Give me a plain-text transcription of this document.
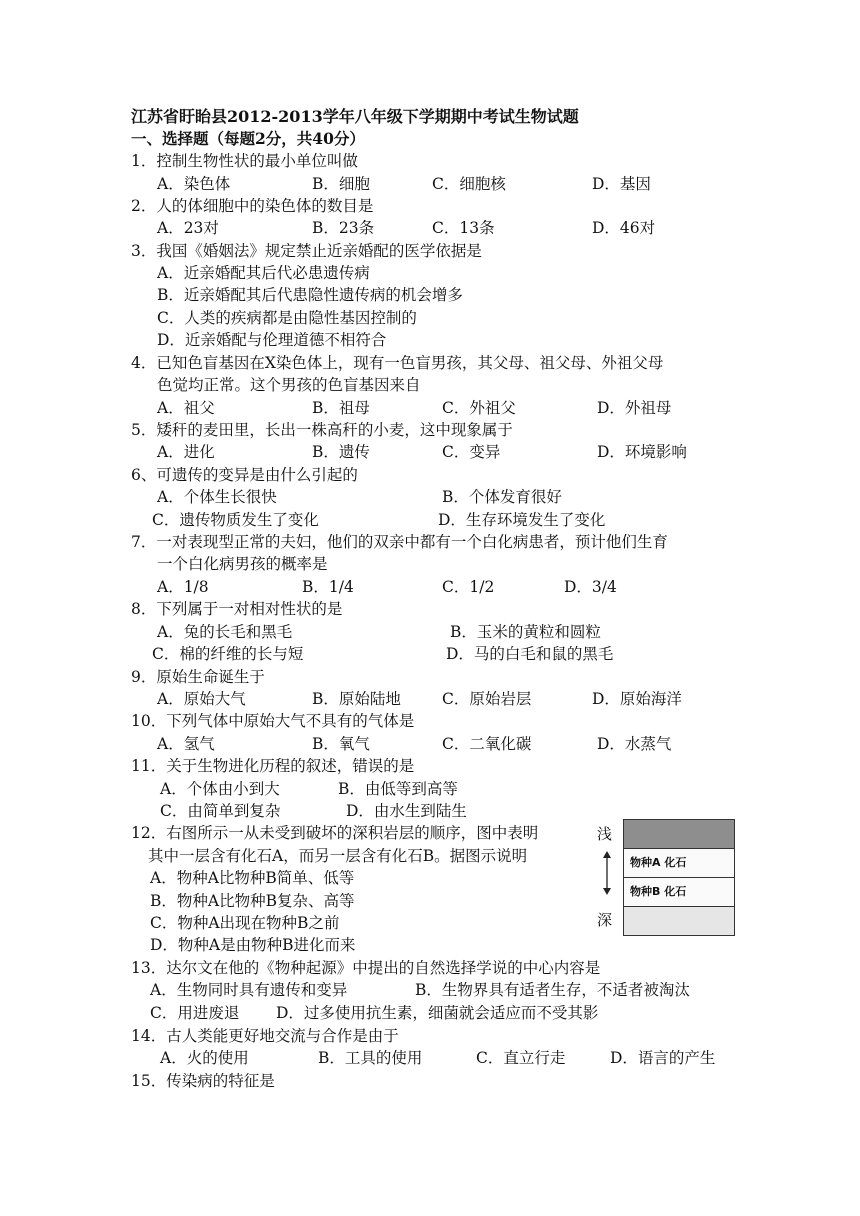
江苏省盱眙县2012-2013学年八年级下学期期中考试生物试题
一、选择题（每题2分，共40分）
1．控制生物性状的最小单位叫做

A．染色体

	B．细胞

	C．细胞核

	D．基因

2．人的体细胞中的染色体的数目是

A．23对

	B．23条

	C．13条

	D．46对

3．我国《婚姻法》规定禁止近亲婚配的医学依据是
A．近亲婚配其后代必患遗传病
B．近亲婚配其后代患隐性遗传病的机会增多
C．人类的疾病都是由隐性基因控制的
D．近亲婚配与伦理道德不相符合
4．已知色盲基因在X染色体上，现有一色盲男孩，其父母、祖父母、外祖父母
色觉均正常。这个男孩的色盲基因来自

A．祖父

	B．祖母

	C．外祖父

	D．外祖母

5．矮秆的麦田里，长出一株高秆的小麦，这中现象属于

A．进化

	B．遗传

	C．变异

	D．环境影响

6、可遗传的变异是由什么引起的

A．个体生长很快

	B．个体发育很好

C．遗传物质发生了变化

	D．生存环境发生了变化

7．一对表现型正常的夫妇，他们的双亲中都有一个白化病患者，预计他们生育
一个白化病男孩的概率是

A．1/8

	B．1/4

	C．1/2

	D．3/4

8．下列属于一对相对性状的是

A．兔的长毛和黑毛

	B．玉米的黄粒和圆粒

C．棉的纤维的长与短

	D．马的白毛和鼠的黑毛

9．原始生命诞生于

A．原始大气

	B．原始陆地

	C．原始岩层

	D．原始海洋

10．下列气体中原始大气不具有的气体是

A．氢气

	B．氧气

	C．二氧化碳

	D．水蒸气

11．关于生物进化历程的叙述，错误的是

A．个体由小到大

	B．由低等到高等

C．由简单到复杂

	D．由水生到陆生

12．右图所示一从未受到破坏的深积岩层的顺序，图中表明
其中一层含有化石A，而另一层含有化石B。据图示说明
A．物种A比物种B简单、低等
B．物种A比物种B复杂、高等
C．物种A出现在物种B之前
D．物种A是由物种B进化而来
浅
深
物种A 化石
物种B 化石
13．达尔文在他的《物种起源》中提出的自然选择学说的中心内容是

A．生物同时具有遗传和变异

	B．生物界具有适者生存，不适者被淘汰

C．用进废退

D．过多使用抗生素，细菌就会适应而不受其影

14．古人类能更好地交流与合作是由于

A．火的使用

	B．工具的使用

	C．直立行走

	D．语言的产生

15．传染病的特征是
